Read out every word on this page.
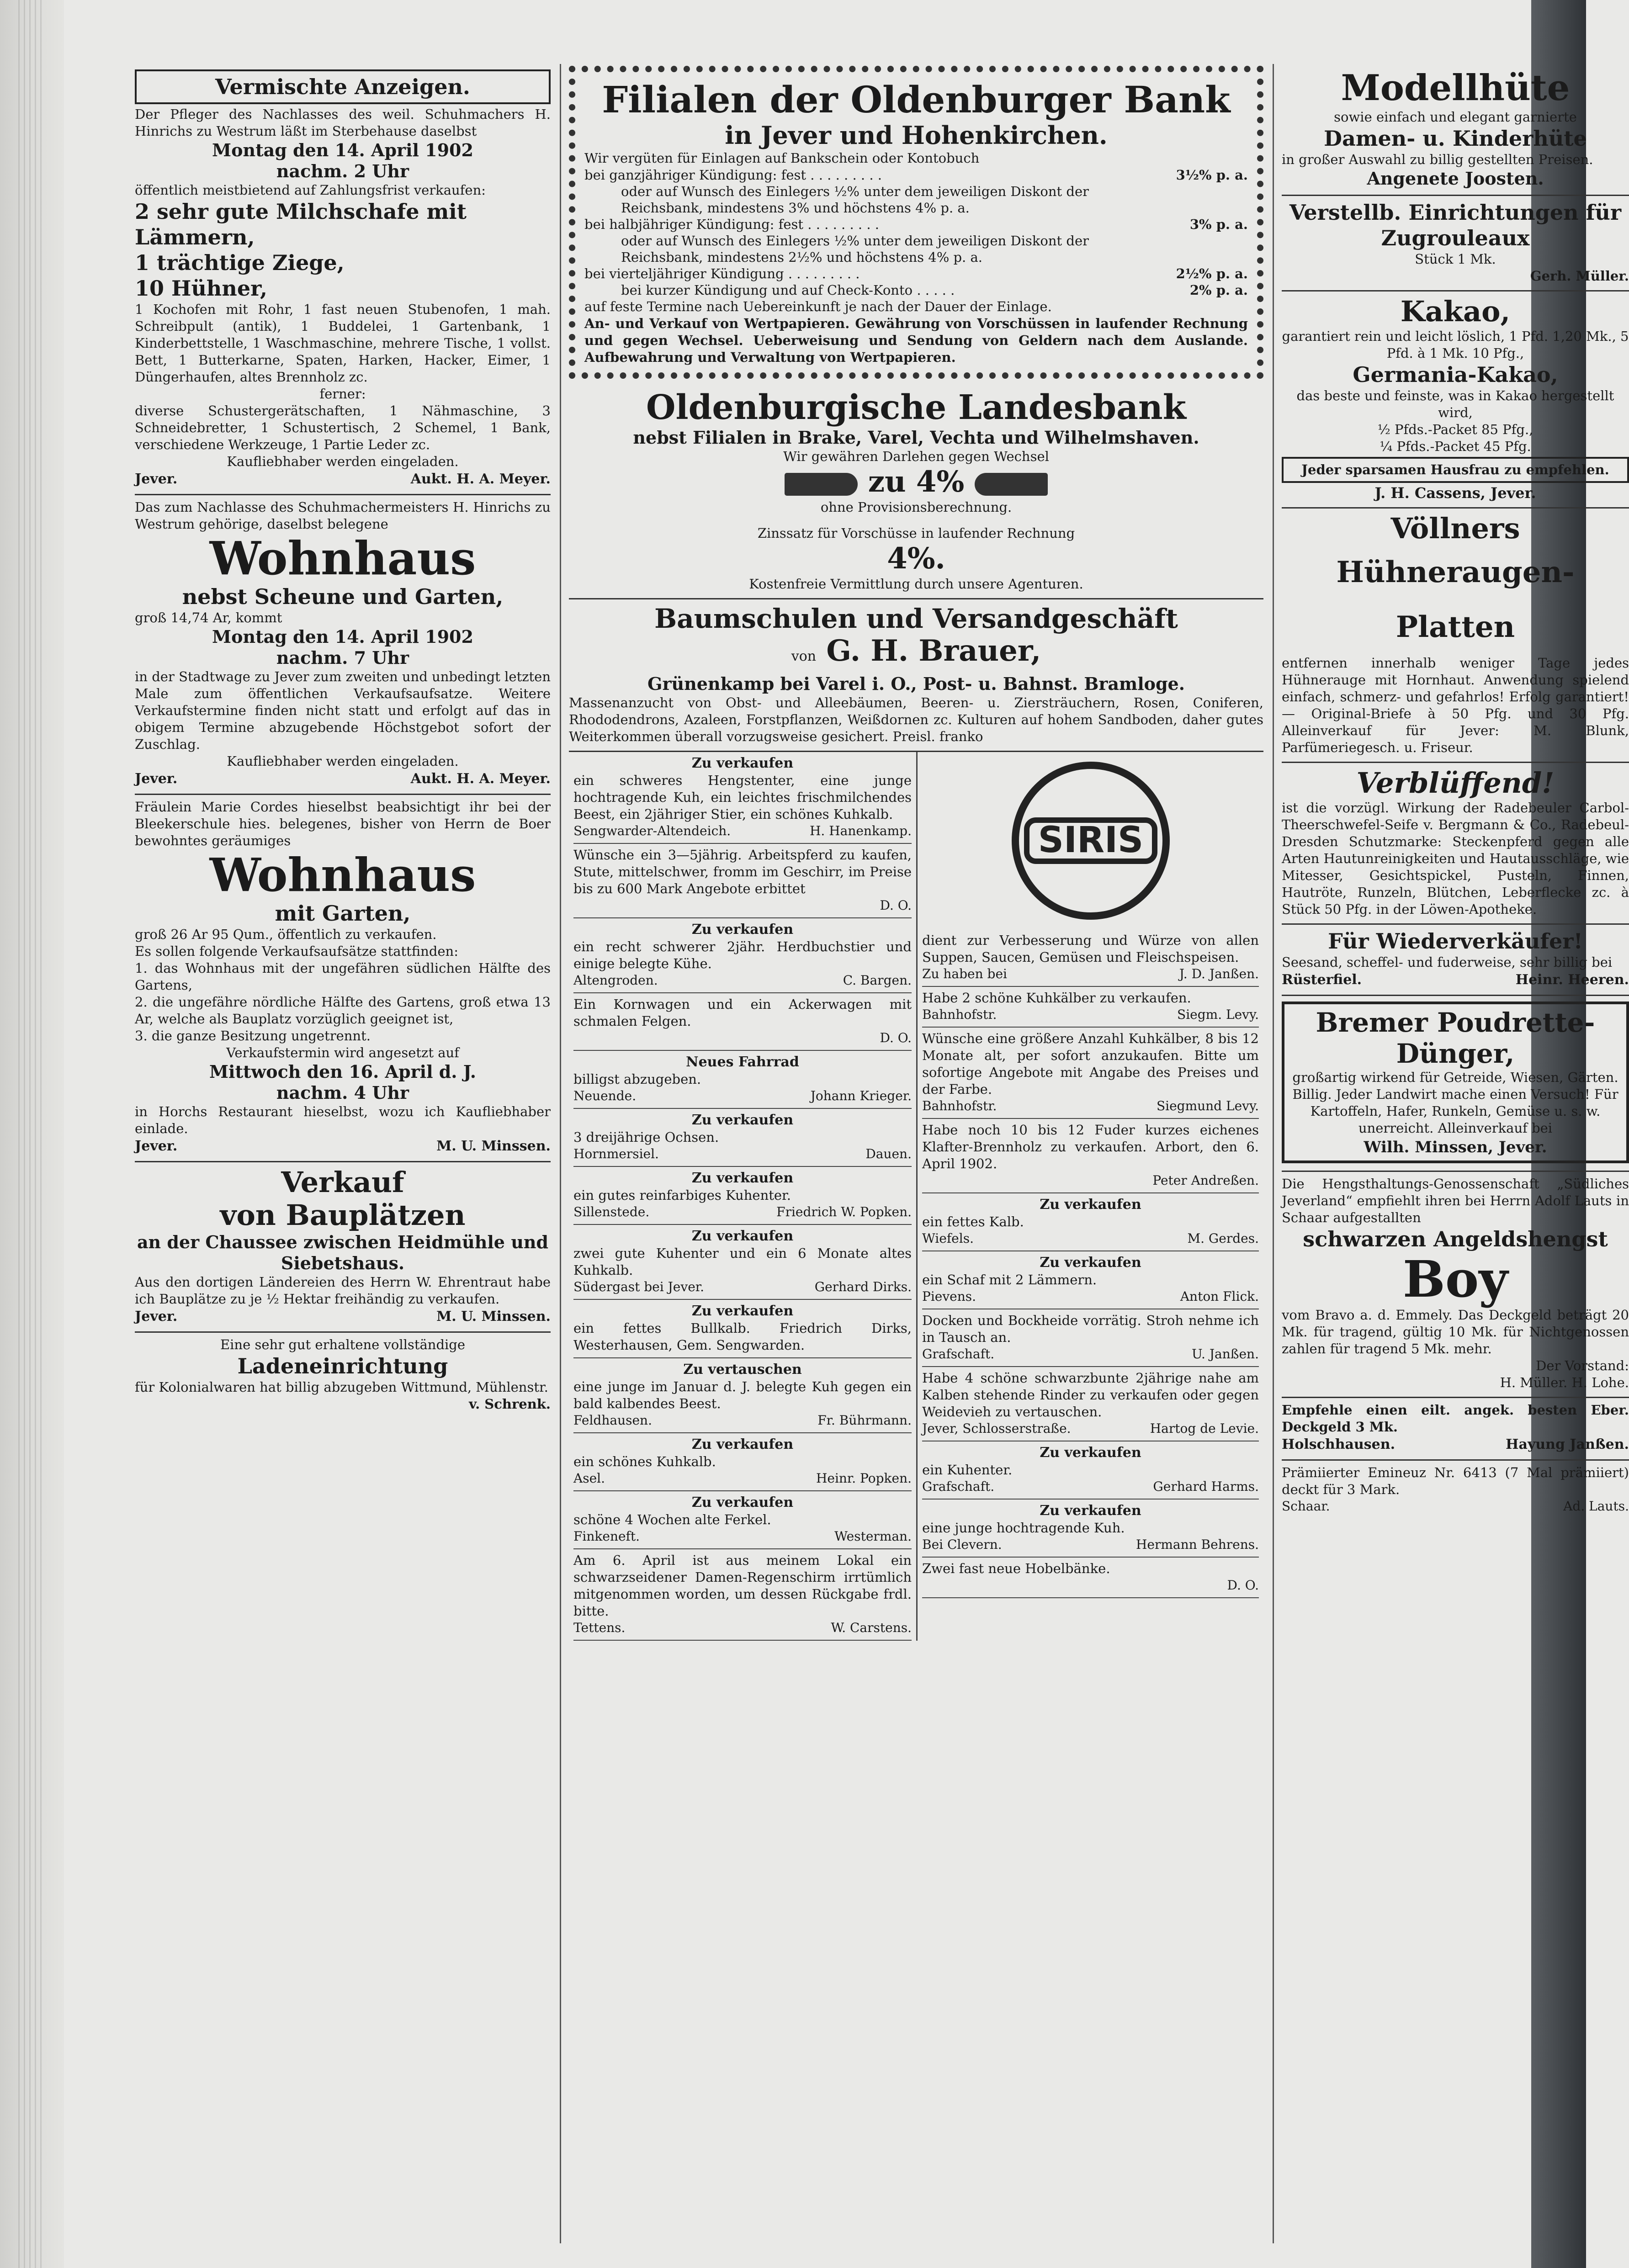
Vermischte Anzeigen.

Der Pfleger des Nachlasses des weil. Schuhmachers H. Hinrichs zu Westrum läßt im Sterbehause daselbst

Montag den 14. April 1902

nachm. 2 Uhr

öffentlich meistbietend auf Zahlungsfrist verkaufen:

2 sehr gute Milchschafe mit Lämmern,

1 trächtige Ziege,

10 Hühner,

1 Kochofen mit Rohr, 1 fast neuen Stubenofen, 1 mah. Schreibpult (antik), 1 Buddelei, 1 Gartenbank, 1 Kinderbettstelle, 1 Waschmaschine, mehrere Tische, 1 vollst. Bett, 1 Butterkarne, Spaten, Harken, Hacker, Eimer, 1 Düngerhaufen, altes Brennholz zc.

ferner:

diverse Schustergerätschaften, 1 Nähmaschine, 3 Schneidebretter, 1 Schustertisch, 2 Schemel, 1 Bank, verschiedene Werkzeuge, 1 Partie Leder zc.

Kaufliebhaber werden eingeladen.

Jever.	Aukt. H. A. Meyer.

Das zum Nachlasse des Schuhmachermeisters H. Hinrichs zu Westrum gehörige, daselbst belegene

Wohnhaus

nebst Scheune und Garten,

groß 14,74 Ar, kommt

Montag den 14. April 1902

nachm. 7 Uhr

in der Stadtwage zu Jever zum zweiten und unbedingt letzten Male zum öffentlichen Verkaufsaufsatze. Weitere Verkaufstermine finden nicht statt und erfolgt auf das in obigem Termine abzugebende Höchstgebot sofort der Zuschlag.

Kaufliebhaber werden eingeladen.

Jever.	Aukt. H. A. Meyer.

Fräulein Marie Cordes hieselbst beabsichtigt ihr bei der Bleekerschule hies. belegenes, bisher von Herrn de Boer bewohntes geräumiges

Wohnhaus

mit Garten,

groß 26 Ar 95 Qum., öffentlich zu verkaufen.

Es sollen folgende Verkaufsaufsätze stattfinden:

1. das Wohnhaus mit der ungefähren südlichen Hälfte des Gartens,

2. die ungefähre nördliche Hälfte des Gartens, groß etwa 13 Ar, welche als Bauplatz vorzüglich geeignet ist,

3. die ganze Besitzung ungetrennt.

Verkaufstermin wird angesetzt auf

Mittwoch den 16. April d. J.

nachm. 4 Uhr

in Horchs Restaurant hieselbst, wozu ich Kaufliebhaber einlade.

Jever.	M. U. Minssen.

Verkauf

von Bauplätzen

an der Chaussee zwischen Heidmühle und Siebetshaus.

Aus den dortigen Ländereien des Herrn W. Ehrentraut habe ich Bauplätze zu je ½ Hektar freihändig zu verkaufen.

Jever.	M. U. Minssen.

Eine sehr gut erhaltene vollständige

Ladeneinrichtung

für Kolonialwaren hat billig abzugeben Wittmund, Mühlenstr.

v. Schrenk.

Filialen der Oldenburger Bank

in Jever und Hohenkirchen.

Wir vergüten für Einlagen auf Bankschein oder Kontobuch

bei ganzjähriger Kündigung: fest . . . . . . . . .	3½% p. a.
oder auf Wunsch des Einlegers ½% unter dem jeweiligen Diskont der Reichsbank, mindestens 3% und höchstens 4% p. a.
bei halbjähriger Kündigung: fest . . . . . . . . .	3% p. a.
oder auf Wunsch des Einlegers ½% unter dem jeweiligen Diskont der Reichsbank, mindestens 2½% und höchstens 4% p. a.
bei vierteljähriger Kündigung . . . . . . . . .	2½% p. a.
bei kurzer Kündigung und auf Check-Konto . . . . .	2% p. a.

auf feste Termine nach Uebereinkunft je nach der Dauer der Einlage.

An- und Verkauf von Wertpapieren. Gewährung von Vorschüssen in laufender Rechnung und gegen Wechsel. Ueberweisung und Sendung von Geldern nach dem Auslande. Aufbewahrung und Verwaltung von Wertpapieren.

Oldenburgische Landesbank

nebst Filialen in Brake, Varel, Vechta und Wilhelmshaven.

Wir gewähren Darlehen gegen Wechsel

zu 4%

ohne Provisionsberechnung.

Zinssatz für Vorschüsse in laufender Rechnung

4%.

Kostenfreie Vermittlung durch unsere Agenturen.

Baumschulen und Versandgeschäft

von G. H. Brauer,

Grünenkamp bei Varel i. O., Post- u. Bahnst. Bramloge.

Massenanzucht von Obst- und Alleebäumen, Beeren- u. Ziersträuchern, Rosen, Coniferen, Rhododendrons, Azaleen, Forstpflanzen, Weißdornen zc. Kulturen auf hohem Sandboden, daher gutes Weiterkommen überall vorzugsweise gesichert. Preisl. franko

Zu verkaufen

ein schweres Hengstenter, eine junge hochtragende Kuh, ein leichtes frischmilchendes Beest, ein 2jähriger Stier, ein schönes Kuhkalb.

Sengwarder-Altendeich.	H. Hanenkamp.

Wünsche ein 3—5jährig. Arbeitspferd zu kaufen, Stute, mittelschwer, fromm im Geschirr, im Preise bis zu 600 Mark Angebote erbittet

D. O.
Zu verkaufen

ein recht schwerer 2jähr. Herdbuchstier und einige belegte Kühe.

Altengroden.	C. Bargen.

Ein Kornwagen und ein Ackerwagen mit schmalen Felgen.

D. O.
Neues Fahrrad

billigst abzugeben.

Neuende.	Johann Krieger.
Zu verkaufen

3 dreijährige Ochsen.

Hornmersiel.	Dauen.
Zu verkaufen

ein gutes reinfarbiges Kuhenter.

Sillenstede.	Friedrich W. Popken.
Zu verkaufen

zwei gute Kuhenter und ein 6 Monate altes Kuhkalb.

Südergast bei Jever.	Gerhard Dirks.
Zu verkaufen

ein fettes Bullkalb. Friedrich Dirks, Westerhausen, Gem. Sengwarden.

Zu vertauschen

eine junge im Januar d. J. belegte Kuh gegen ein bald kalbendes Beest.

Feldhausen.	Fr. Bührmann.
Zu verkaufen

ein schönes Kuhkalb.

Asel.	Heinr. Popken.
Zu verkaufen

schöne 4 Wochen alte Ferkel.

Finkeneft.	Westerman.

Am 6. April ist aus meinem Lokal ein schwarzseidener Damen-Regenschirm irrtümlich mitgenommen worden, um dessen Rückgabe frdl. bitte.

Tettens.	W. Carstens.
SIRIS

dient zur Verbesserung und Würze von allen Suppen, Saucen, Gemüsen und Fleischspeisen.

Zu haben bei	J. D. Janßen.

Habe 2 schöne Kuhkälber zu verkaufen.

Bahnhofstr.	Siegm. Levy.

Wünsche eine größere Anzahl Kuhkälber, 8 bis 12 Monate alt, per sofort anzukaufen. Bitte um sofortige Angebote mit Angabe des Preises und der Farbe.

Bahnhofstr.	Siegmund Levy.

Habe noch 10 bis 12 Fuder kurzes eichenes Klafter-Brennholz zu verkaufen. Arbort, den 6. April 1902.

Peter Andreßen.
Zu verkaufen

ein fettes Kalb.

Wiefels.	M. Gerdes.
Zu verkaufen

ein Schaf mit 2 Lämmern.

Pievens.	Anton Flick.

Docken und Bockheide vorrätig. Stroh nehme ich in Tausch an.

Grafschaft.	U. Janßen.

Habe 4 schöne schwarzbunte 2jährige nahe am Kalben stehende Rinder zu verkaufen oder gegen Weidevieh zu vertauschen.

Jever, Schlosserstraße.	Hartog de Levie.
Zu verkaufen

ein Kuhenter.

Grafschaft.	Gerhard Harms.
Zu verkaufen

eine junge hochtragende Kuh.

Bei Clevern.	Hermann Behrens.

Zwei fast neue Hobelbänke.

D. O.

Modellhüte

sowie einfach und elegant garnierte

Damen- u. Kinderhüte

in großer Auswahl zu billig gestellten Preisen.

Angenete Joosten.

Verstellb. Einrichtungen für Zugrouleaux

Stück 1 Mk.

Gerh. Müller.

Kakao,

garantiert rein und leicht löslich, 1 Pfd. 1,20 Mk., 5 Pfd. à 1 Mk. 10 Pfg.,

Germania-Kakao,

das beste und feinste, was in Kakao hergestellt wird,

½ Pfds.-Packet 85 Pfg.,

¼ Pfds.-Packet 45 Pfg.

Jeder sparsamen Hausfrau zu empfehlen.

J. H. Cassens, Jever.

Völlners

Hühneraugen-Platten

entfernen innerhalb weniger Tage jedes Hühnerauge mit Hornhaut. Anwendung spielend einfach, schmerz- und gefahrlos! Erfolg garantiert! — Original-Briefe à 50 Pfg. und 30 Pfg. Alleinverkauf für Jever: M. Blunk, Parfümeriegesch. u. Friseur.

Verblüffend!

ist die vorzügl. Wirkung der Radebeuler Carbol-Theerschwefel-Seife v. Bergmann & Co., Radebeul-Dresden Schutzmarke: Steckenpferd gegen alle Arten Hautunreinigkeiten und Hautausschläge, wie Mitesser, Gesichtspickel, Pusteln, Finnen, Hautröte, Runzeln, Blütchen, Leberflecke zc. à Stück 50 Pfg. in der Löwen-Apotheke.

Für Wiederverkäufer!

Seesand, scheffel- und fuderweise, sehr billig bei

Rüsterfiel.	Heinr. Heeren.

Bremer Poudrette-Dünger,

großartig wirkend für Getreide, Wiesen, Gärten. Billig. Jeder Landwirt mache einen Versuch! Für Kartoffeln, Hafer, Runkeln, Gemüse u. s. w. unerreicht. Alleinverkauf bei

Wilh. Minssen, Jever.

Die Hengsthaltungs-Genossenschaft „Südliches Jeverland“ empfiehlt ihren bei Herrn Adolf Lauts in Schaar aufgestallten

schwarzen Angeldshengst

Boy

vom Bravo a. d. Emmely. Das Deckgeld beträgt 20 Mk. für tragend, gültig 10 Mk. für Nichtgenossen zahlen für tragend 5 Mk. mehr.

Der Vorstand:

H. Müller. H. Lohe.

Empfehle einen eilt. angek. besten Eber. Deckgeld 3 Mk.

Holschhausen.	Hayung Janßen.

Prämiierter Emineuz Nr. 6413 (7 Mal prämiiert) deckt für 3 Mark.

Schaar.	Ad. Lauts.
